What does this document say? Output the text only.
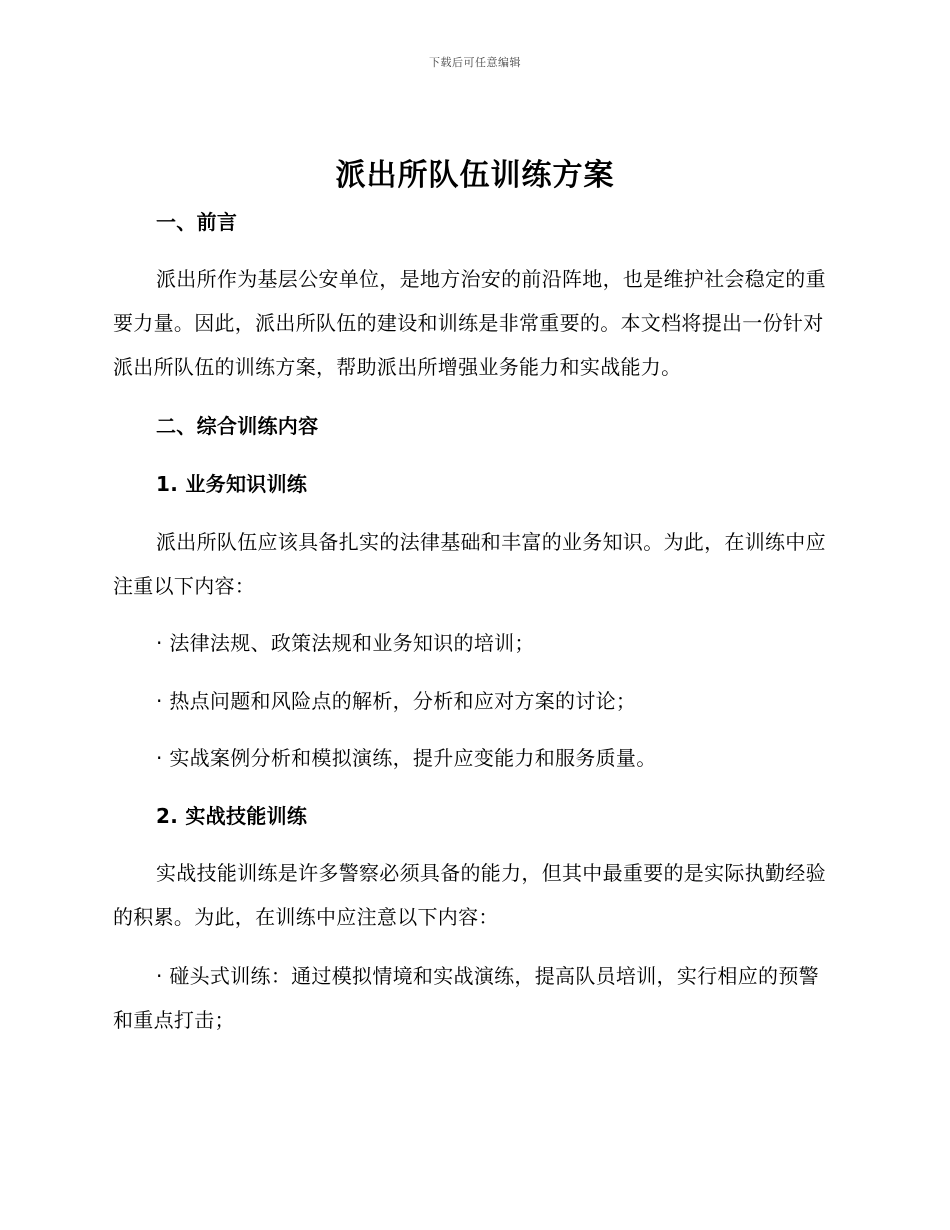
下载后可任意编辑
派出所队伍训练方案
一、前言
派出所作为基层公安单位，是地方治安的前沿阵地，也是维护社会稳定的重要力量。因此，派出所队伍的建设和训练是非常重要的。本文档将提出一份针对派出所队伍的训练方案，帮助派出所增强业务能力和实战能力。
二、综合训练内容
1. 业务知识训练
派出所队伍应该具备扎实的法律基础和丰富的业务知识。为此，在训练中应注重以下内容：
· 法律法规、政策法规和业务知识的培训；
· 热点问题和风险点的解析，分析和应对方案的讨论；
· 实战案例分析和模拟演练，提升应变能力和服务质量。
2. 实战技能训练
实战技能训练是许多警察必须具备的能力，但其中最重要的是实际执勤经验的积累。为此，在训练中应注意以下内容：
· 碰头式训练：通过模拟情境和实战演练，提高队员培训，实行相应的预警和重点打击；
